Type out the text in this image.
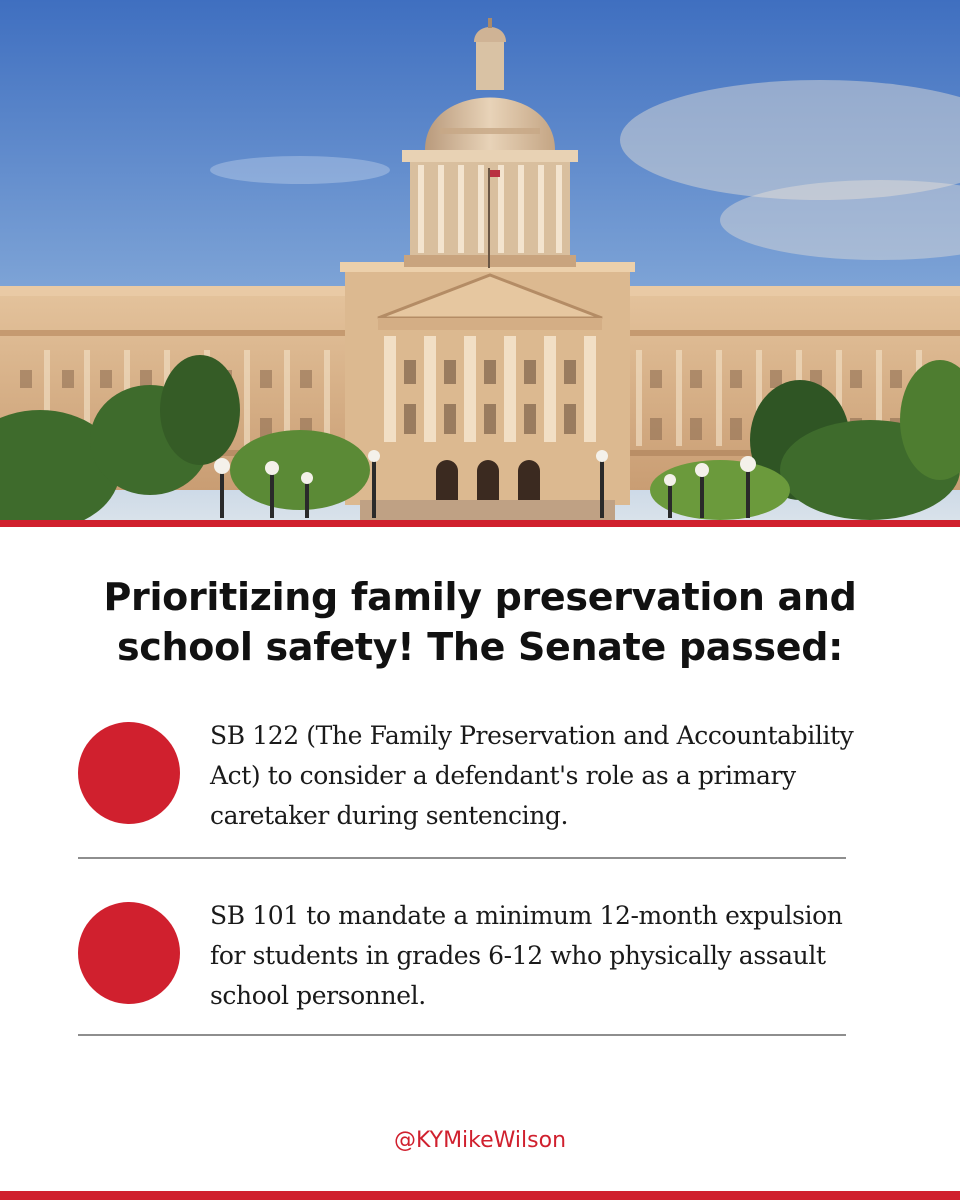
Prioritizing family preservation and school safety! The Senate passed:

SB 122 (The Family Preservation and Accountability Act) to consider a defendant's role as a primary caretaker during sentencing.

SB 101 to mandate a minimum 12-month expulsion for students in grades 6-12 who physically assault school personnel.

@KYMikeWilson
